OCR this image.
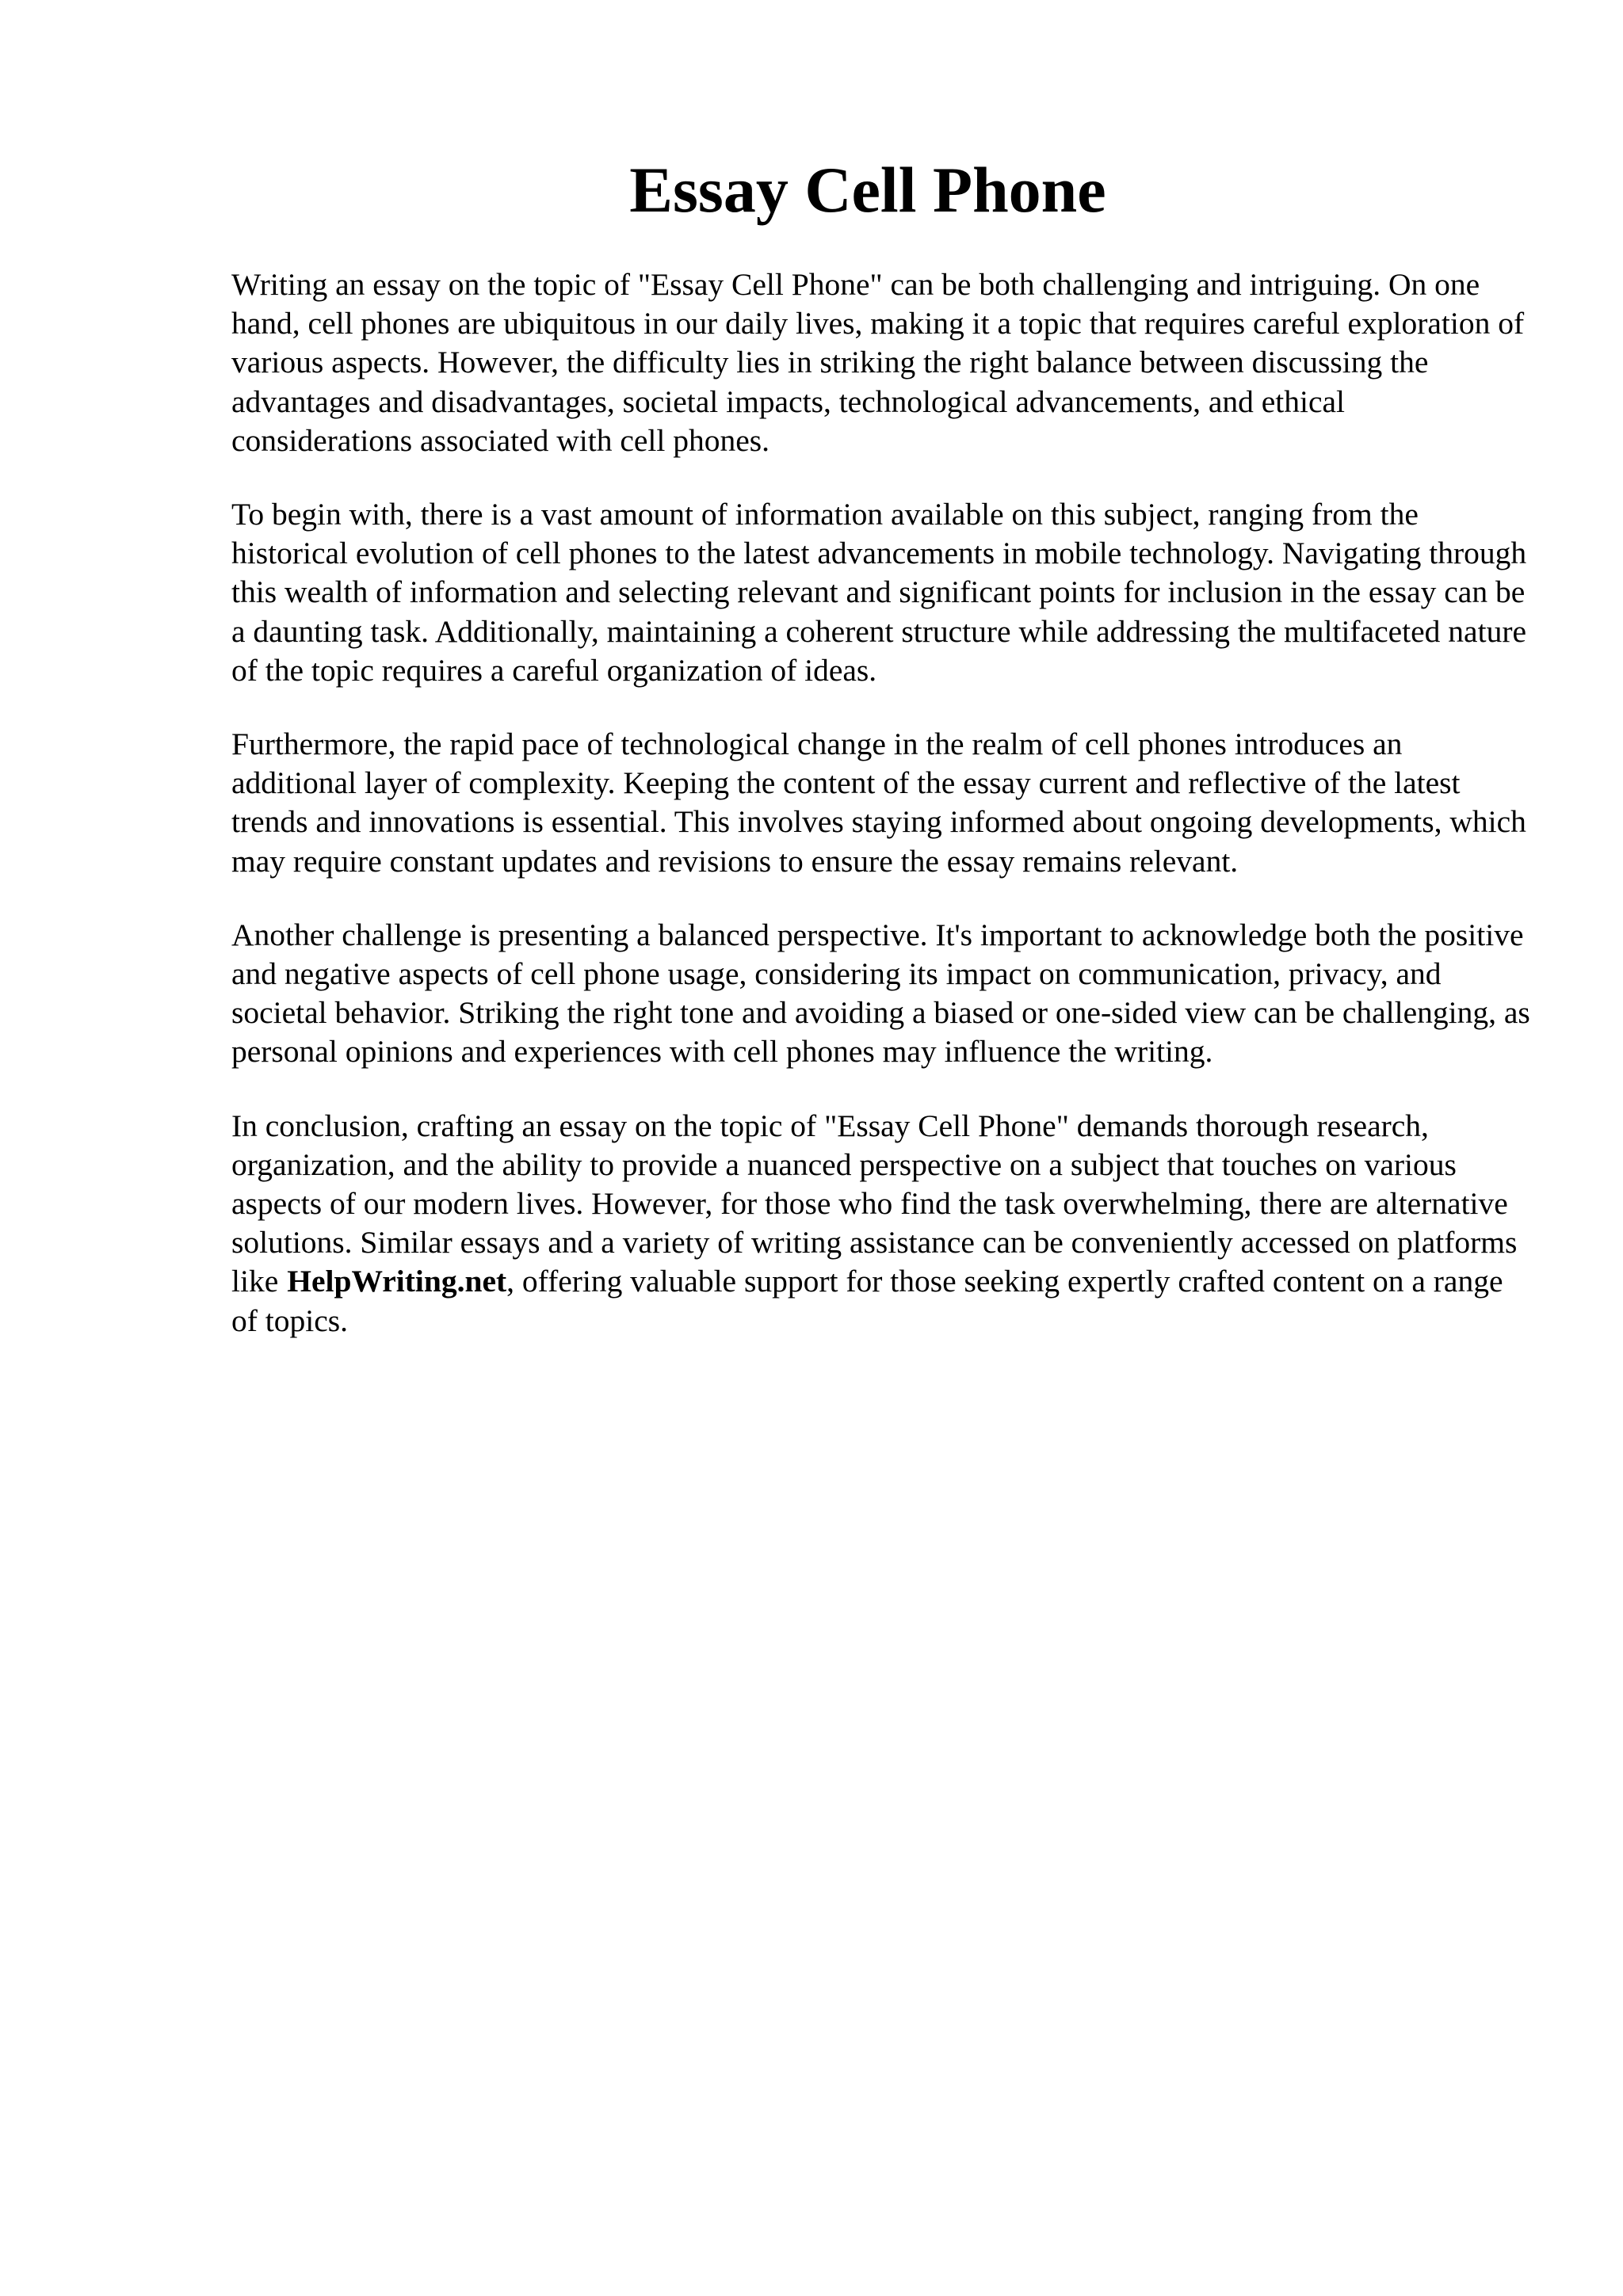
Essay Cell Phone

Writing an essay on the topic of "Essay Cell Phone" can be both challenging and intriguing. On one hand, cell phones are ubiquitous in our daily lives, making it a topic that requires careful exploration of various aspects. However, the difficulty lies in striking the right balance between discussing the advantages and disadvantages, societal impacts, technological advancements, and ethical considerations associated with cell phones.

To begin with, there is a vast amount of information available on this subject, ranging from the historical evolution of cell phones to the latest advancements in mobile technology. Navigating through this wealth of information and selecting relevant and significant points for inclusion in the essay can be a daunting task. Additionally, maintaining a coherent structure while addressing the multifaceted nature of the topic requires a careful organization of ideas.

Furthermore, the rapid pace of technological change in the realm of cell phones introduces an additional layer of complexity. Keeping the content of the essay current and reflective of the latest trends and innovations is essential. This involves staying informed about ongoing developments, which may require constant updates and revisions to ensure the essay remains relevant.

Another challenge is presenting a balanced perspective. It's important to acknowledge both the positive and negative aspects of cell phone usage, considering its impact on communication, privacy, and societal behavior. Striking the right tone and avoiding a biased or one-sided view can be challenging, as personal opinions and experiences with cell phones may influence the writing.

In conclusion, crafting an essay on the topic of "Essay Cell Phone" demands thorough research, organization, and the ability to provide a nuanced perspective on a subject that touches on various aspects of our modern lives. However, for those who find the task overwhelming, there are alternative solutions. Similar essays and a variety of writing assistance can be conveniently accessed on platforms like HelpWriting.net, offering valuable support for those seeking expertly crafted content on a range of topics.
